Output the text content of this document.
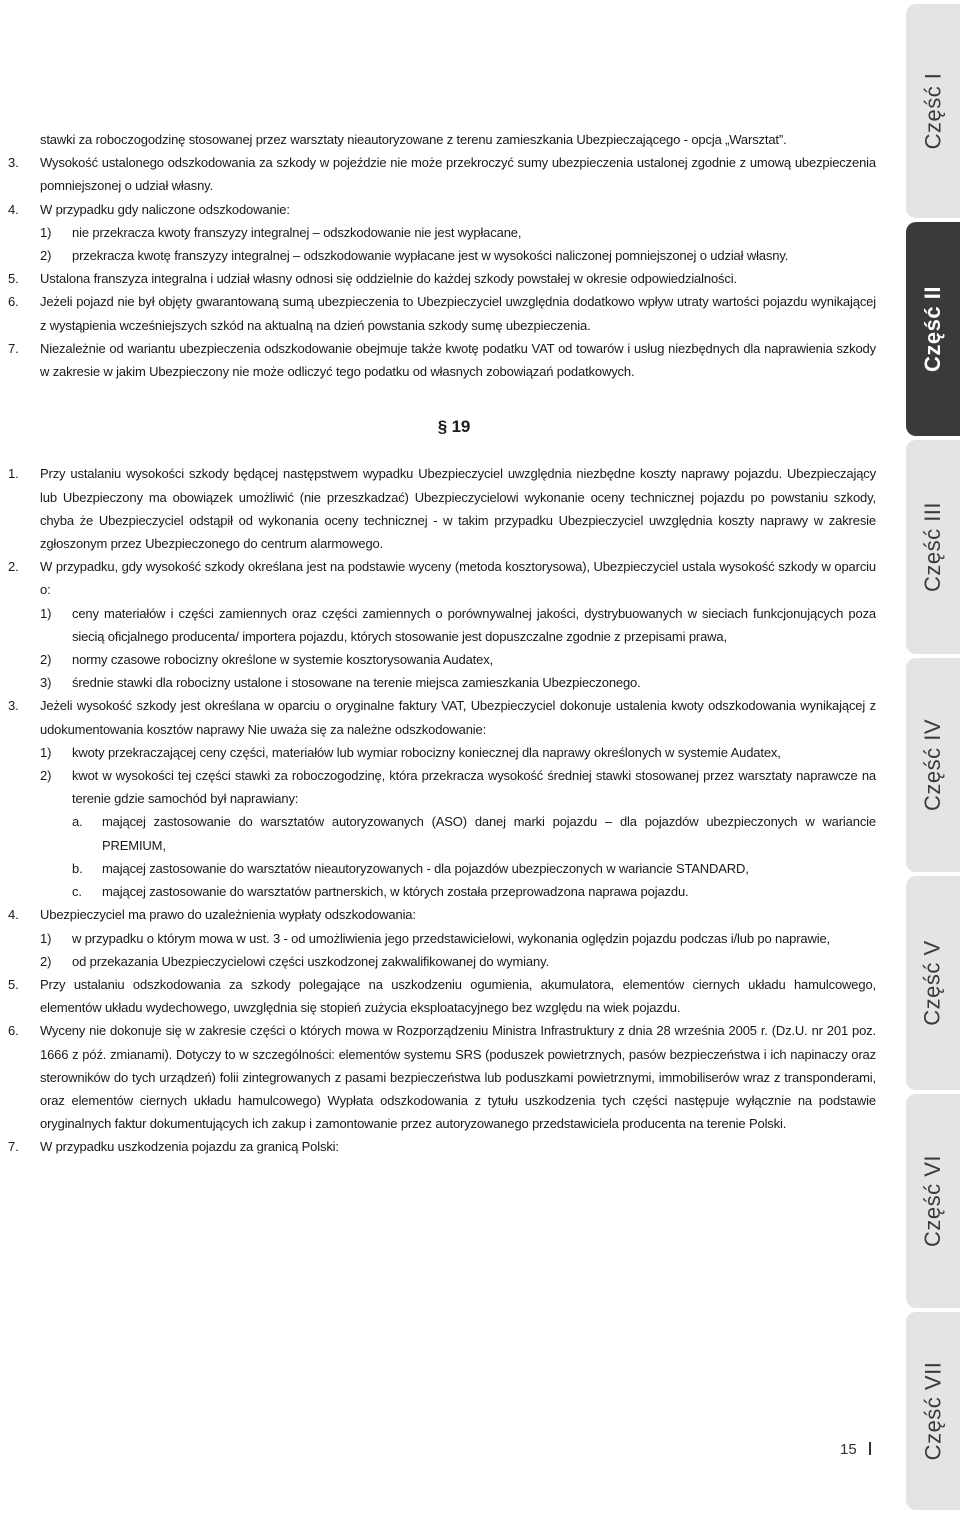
stawki za roboczogodzinę stosowanej przez warsztaty nieautoryzowane z terenu zamieszkania Ubezpieczającego - opcja „Warsztat”.
3.	Wysokość ustalonego odszkodowania za szkody w pojeździe nie może przekroczyć sumy ubezpieczenia ustalonej zgodnie z umową ubezpieczenia pomniejszonej o udział własny.
4.	W przypadku gdy naliczone odszkodowanie:
1)	nie przekracza kwoty franszyzy integralnej – odszkodowanie nie jest wypłacane,
2)	przekracza kwotę franszyzy integralnej – odszkodowanie wypłacane jest w wysokości naliczonej pomniejszonej o udział własny.
5.	Ustalona franszyza integralna i udział własny odnosi się oddzielnie do każdej szkody powstałej w okresie odpowiedzialności.
6.	Jeżeli pojazd nie był objęty gwarantowaną sumą ubezpieczenia to Ubezpieczyciel uwzględnia dodatkowo wpływ utraty wartości pojazdu wynikającej z wystąpienia wcześniejszych szkód na aktualną na dzień powstania szkody sumę ubezpieczenia.
7.	Niezależnie od wariantu ubezpieczenia odszkodowanie obejmuje także kwotę podatku VAT od towarów i usług niezbędnych dla naprawienia szkody w zakresie w jakim Ubezpieczony nie może odliczyć tego podatku od własnych zobowiązań podatkowych.
§ 19
1.	Przy ustalaniu wysokości szkody będącej następstwem wypadku Ubezpieczyciel uwzględnia niezbędne koszty naprawy pojazdu. Ubezpieczający lub Ubezpieczony ma obowiązek umożliwić (nie przeszkadzać) Ubezpieczycielowi wykonanie oceny technicznej pojazdu po powstaniu szkody, chyba że Ubezpieczyciel odstąpił od wykonania oceny technicznej - w takim przypadku Ubezpieczyciel uwzględnia koszty naprawy w zakresie zgłoszonym przez Ubezpieczonego do centrum alarmowego.
2.	W przypadku, gdy wysokość szkody określana jest na podstawie wyceny (metoda kosztorysowa), Ubezpieczyciel ustala wysokość szkody w oparciu o:
1)	ceny materiałów i części zamiennych oraz części zamiennych o porównywalnej jakości, dystrybuowanych w sieciach funkcjonujących poza siecią oficjalnego producenta/ importera pojazdu, których stosowanie jest dopuszczalne zgodnie z przepisami prawa,
2)	normy czasowe robocizny określone w systemie kosztorysowania Audatex,
3)	średnie stawki dla robocizny ustalone i stosowane na terenie miejsca zamieszkania Ubezpieczonego.
3.	Jeżeli wysokość szkody jest określana w oparciu o oryginalne faktury VAT, Ubezpieczyciel dokonuje ustalenia kwoty odszkodowania wynikającej z udokumentowania kosztów naprawy Nie uważa się za należne odszkodowanie:
1)	kwoty przekraczającej ceny części, materiałów lub wymiar robocizny koniecznej dla naprawy określonych w systemie Audatex,
2)	kwot w wysokości tej części stawki za roboczogodzinę, która przekracza wysokość średniej stawki stosowanej przez warsztaty naprawcze na terenie gdzie samochód był naprawiany:
a.	mającej zastosowanie do warsztatów autoryzowanych (ASO) danej marki pojazdu – dla pojazdów ubezpieczonych w wariancie PREMIUM,
b.	mającej zastosowanie do warsztatów nieautoryzowanych - dla pojazdów ubezpieczonych w wariancie STANDARD,
c.	mającej zastosowanie do warsztatów partnerskich, w których została przeprowadzona naprawa pojazdu.
4.	Ubezpieczyciel ma prawo do uzależnienia wypłaty odszkodowania:
1)	w przypadku o którym mowa w ust. 3 - od umożliwienia jego przedstawicielowi, wykonania oględzin pojazdu podczas i/lub po naprawie,
2)	od przekazania Ubezpieczycielowi części uszkodzonej zakwalifikowanej do wymiany.
5.	Przy ustalaniu odszkodowania za szkody polegające na uszkodzeniu ogumienia, akumulatora, elementów ciernych układu hamulcowego, elementów układu wydechowego, uwzględnia się stopień zużycia eksploatacyjnego bez względu na wiek pojazdu.
6.	Wyceny nie dokonuje się w zakresie części o których mowa w Rozporządzeniu Ministra Infrastruktury z dnia 28 września 2005 r. (Dz.U. nr 201 poz. 1666 z póź. zmianami). Dotyczy to w szczególności: elementów systemu SRS (poduszek powietrznych, pasów bezpieczeństwa i ich napinaczy oraz sterowników do tych urządzeń) folii zintegrowanych z pasami bezpieczeństwa lub poduszkami powietrznymi, immobiliserów wraz z transponderami, oraz elementów ciernych układu hamulcowego) Wypłata odszkodowania z tytułu uszkodzenia tych części następuje wyłącznie na podstawie oryginalnych faktur dokumentujących ich zakup i zamontowanie przez autoryzowanego przedstawiciela producenta na terenie Polski.
7.	W przypadku uszkodzenia pojazdu za granicą Polski:
Część I
Część II
Część III
Część IV
Część V
Część VI
Część VII
15
